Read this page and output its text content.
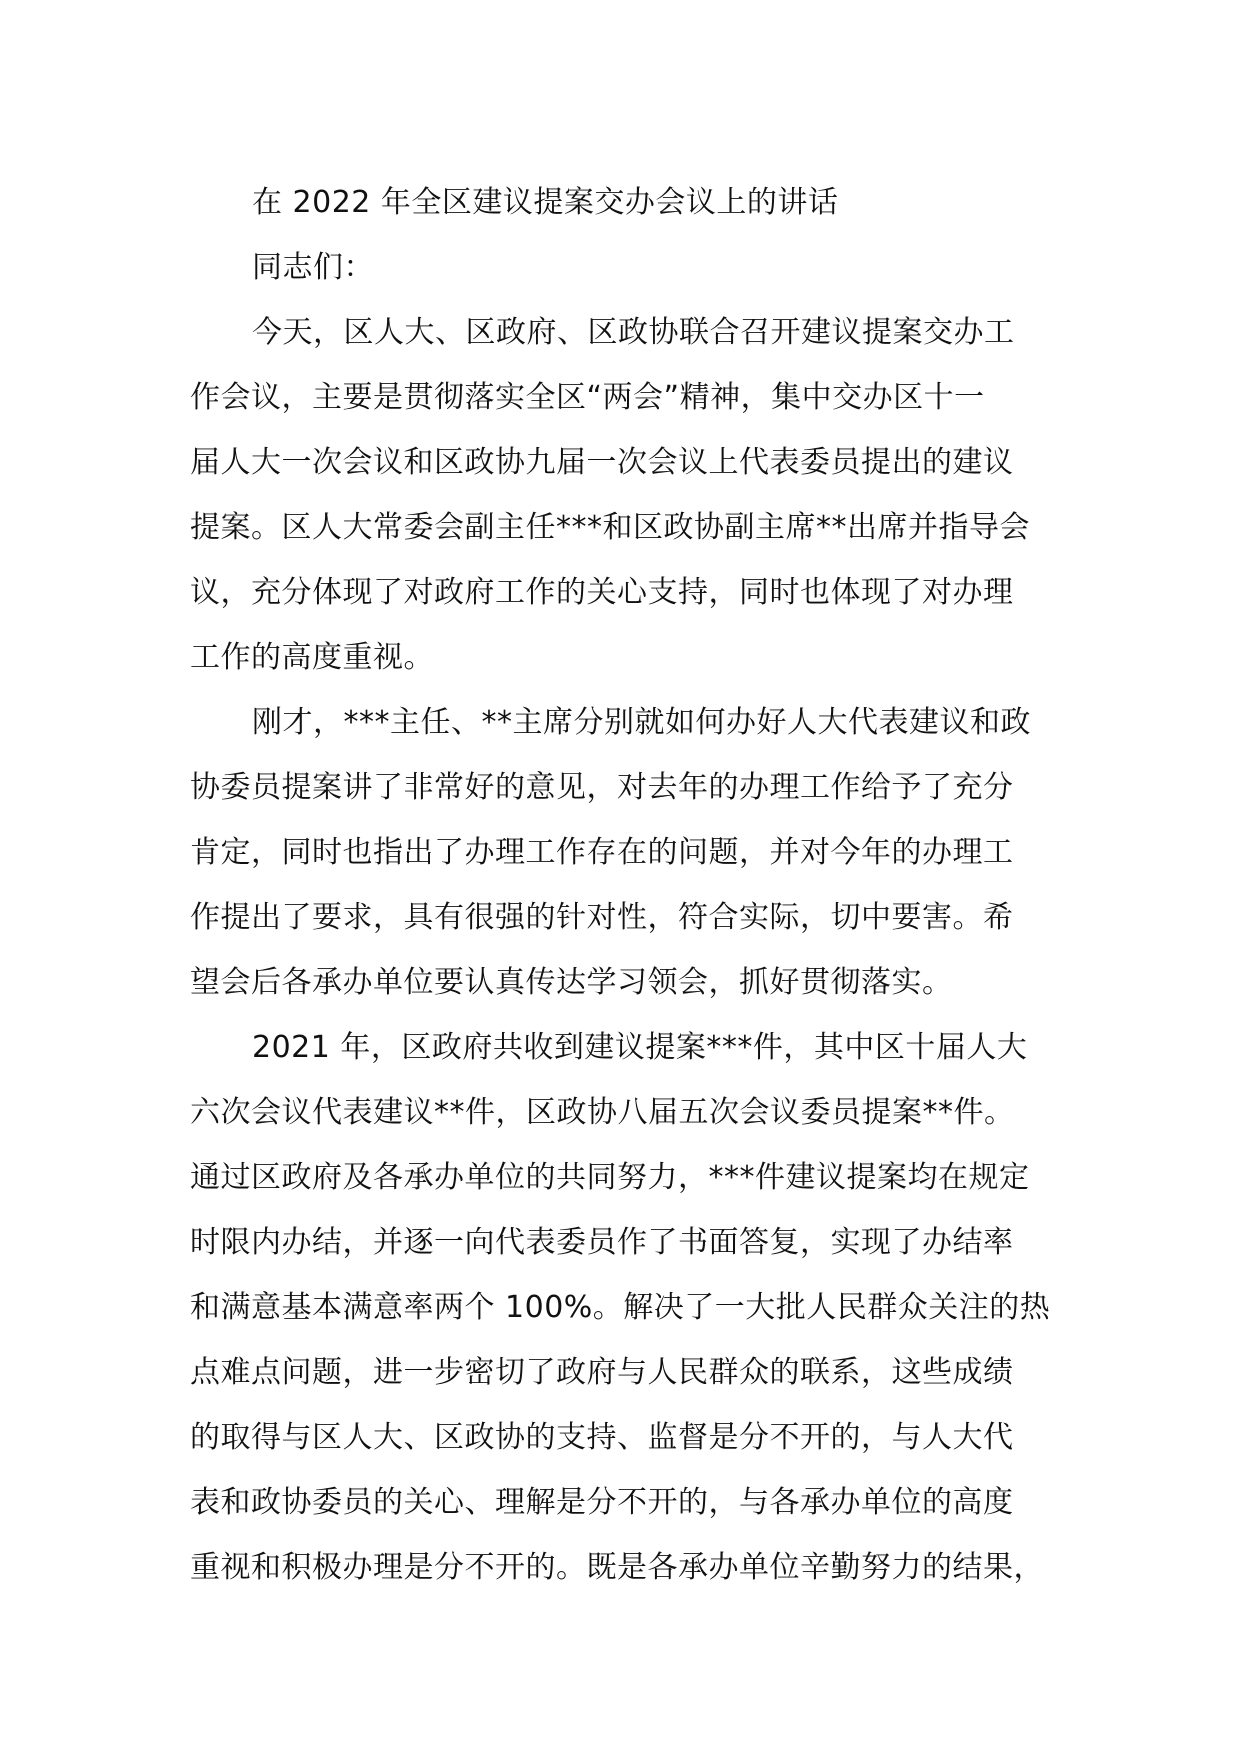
在 2022 年全区建议提案交办会议上的讲话
同志们：
今天，区人大、区政府、区政协联合召开建议提案交办工
作会议，主要是贯彻落实全区“两会”精神，集中交办区十一
届人大一次会议和区政协九届一次会议上代表委员提出的建议
提案。区人大常委会副主任***和区政协副主席**出席并指导会
议，充分体现了对政府工作的关心支持，同时也体现了对办理
工作的高度重视。
刚才，***主任、**主席分别就如何办好人大代表建议和政
协委员提案讲了非常好的意见，对去年的办理工作给予了充分
肯定，同时也指出了办理工作存在的问题，并对今年的办理工
作提出了要求，具有很强的针对性，符合实际，切中要害。希
望会后各承办单位要认真传达学习领会，抓好贯彻落实。
2021 年，区政府共收到建议提案***件，其中区十届人大
六次会议代表建议**件，区政协八届五次会议委员提案**件。
通过区政府及各承办单位的共同努力，***件建议提案均在规定
时限内办结，并逐一向代表委员作了书面答复，实现了办结率
和满意基本满意率两个 100%。解决了一大批人民群众关注的热
点难点问题，进一步密切了政府与人民群众的联系，这些成绩
的取得与区人大、区政协的支持、监督是分不开的，与人大代
表和政协委员的关心、理解是分不开的，与各承办单位的高度
重视和积极办理是分不开的。既是各承办单位辛勤努力的结果，
